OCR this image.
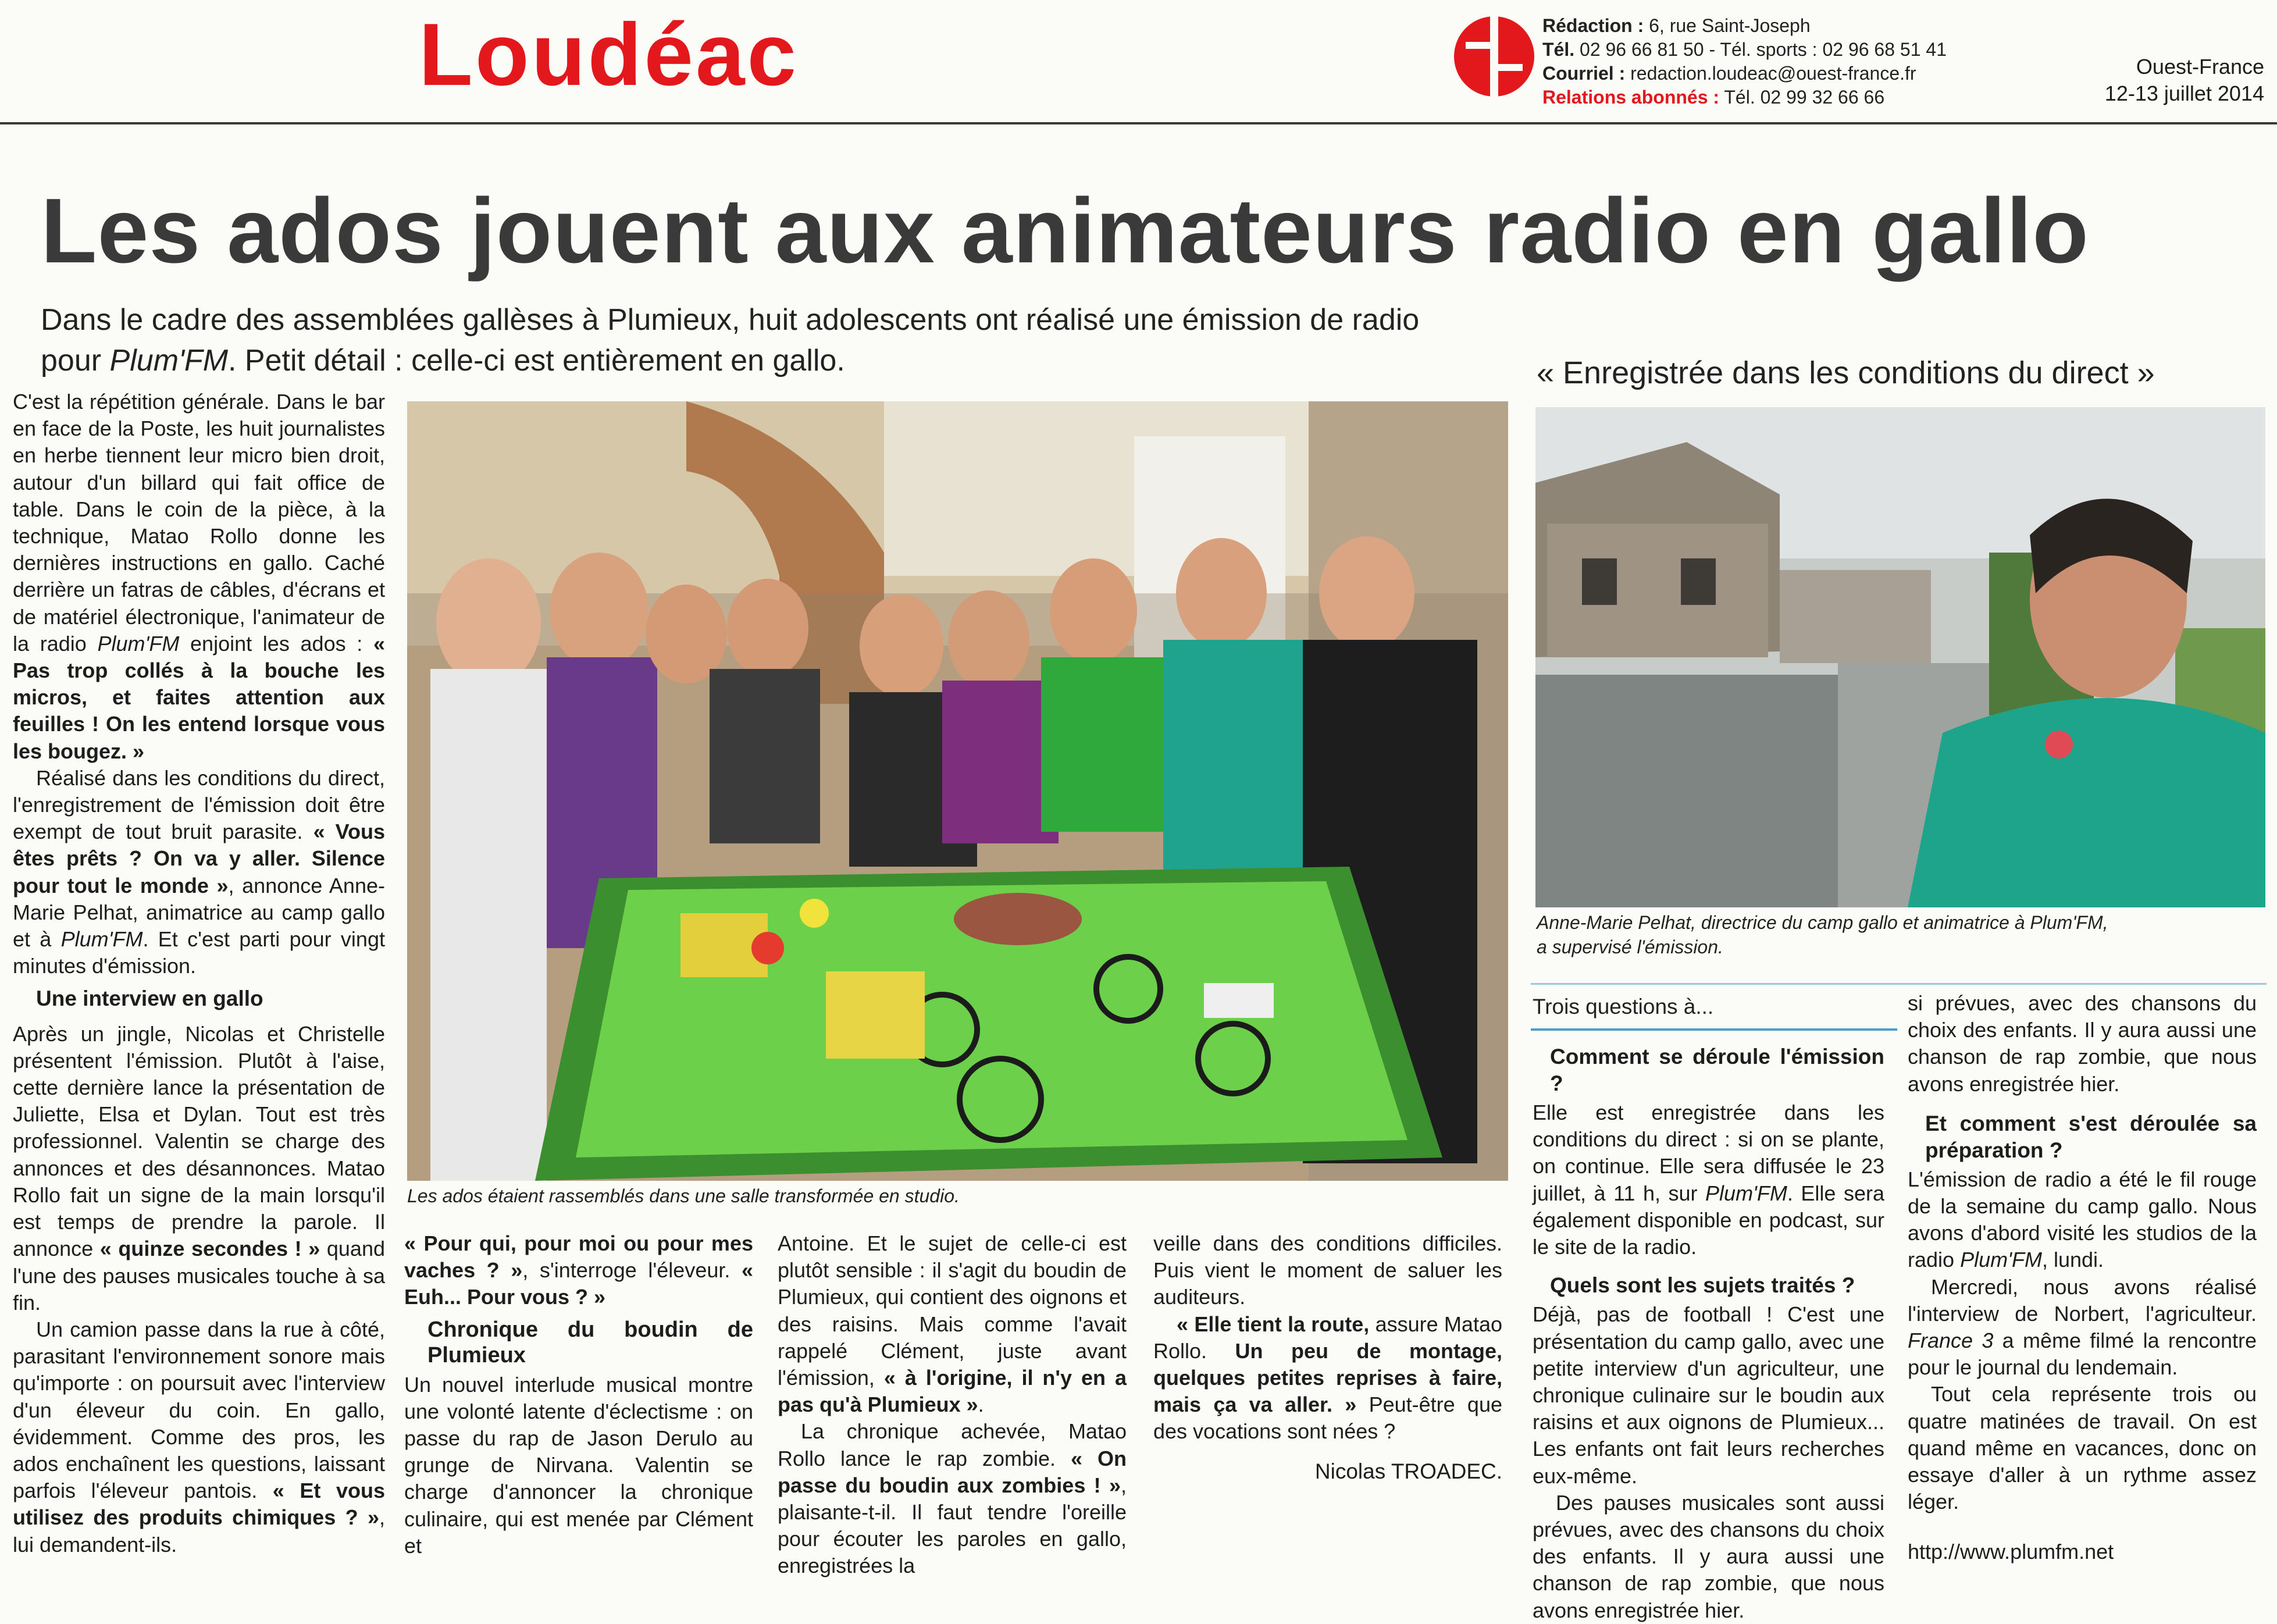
Loudéac	Rédaction : 6, rue Saint-Joseph
Tél. 02 96 66 81 50 - Tél. sports : 02 96 68 51 41
Courriel : redaction.loudeac@ouest-france.fr
Relations abonnés : Tél. 02 99 32 66 66
Ouest-France
12-13 juillet 2014
Les ados jouent aux animateurs radio en gallo
Dans le cadre des assemblées gallèses à Plumieux, huit adolescents ont réalisé une émission de radio pour Plum'FM. Petit détail : celle-ci est entièrement en gallo.

C'est la répétition générale. Dans le bar en face de la Poste, les huit journalistes en herbe tiennent leur micro bien droit, autour d'un billard qui fait office de table. Dans le coin de la pièce, à la technique, Matao Rollo donne les dernières instructions en gallo. Caché derrière un fatras de câbles, d'écrans et de matériel électronique, l'animateur de la radio Plum'FM enjoint les ados : « Pas trop collés à la bouche les micros, et faites attention aux feuilles ! On les entend lorsque vous les bougez. »

Réalisé dans les conditions du direct, l'enregistrement de l'émission doit être exempt de tout bruit parasite. « Vous êtes prêts ? On va y aller. Silence pour tout le monde », annonce Anne-Marie Pelhat, animatrice au camp gallo et à Plum'FM. Et c'est parti pour vingt minutes d'émission.

Une interview en gallo

Après un jingle, Nicolas et Christelle présentent l'émission. Plutôt à l'aise, cette dernière lance la présentation de Juliette, Elsa et Dylan. Tout est très professionnel. Valentin se charge des annonces et des désannonces. Matao Rollo fait un signe de la main lorsqu'il est temps de prendre la parole. Il annonce « quinze secondes ! » quand l'une des pauses musicales touche à sa fin.

Un camion passe dans la rue à côté, parasitant l'environnement sonore mais qu'importe : on poursuit avec l'interview d'un éleveur du coin. En gallo, évidemment. Comme des pros, les ados enchaînent les questions, laissant parfois l'éleveur pantois. « Et vous utilisez des produits chimiques ? », lui demandent-ils.

Les ados étaient rassemblés dans une salle transformée en studio.

« Pour qui, pour moi ou pour mes vaches ? », s'interroge l'éleveur. « Euh... Pour vous ? »

Chronique du boudin de Plumieux

Un nouvel interlude musical montre une volonté latente d'éclectisme : on passe du rap de Jason Derulo au grunge de Nirvana. Valentin se charge d'annoncer la chronique culinaire, qui est menée par Clément et

Antoine. Et le sujet de celle-ci est plutôt sensible : il s'agit du boudin de Plumieux, qui contient des oignons et des raisins. Mais comme l'avait rappelé Clément, juste avant l'émission, « à l'origine, il n'y en a pas qu'à Plumieux ».

La chronique achevée, Matao Rollo lance le rap zombie. « On passe du boudin aux zombies ! », plaisante-t-il. Il faut tendre l'oreille pour écouter les paroles en gallo, enregistrées la

veille dans des conditions difficiles. Puis vient le moment de saluer les auditeurs.

« Elle tient la route, assure Matao Rollo. Un peu de montage, quelques petites reprises à faire, mais ça va aller. » Peut-être que des vocations sont nées ?

Nicolas TROADEC.
« Enregistrée dans les conditions du direct »
Anne-Marie Pelhat, directrice du camp gallo et animatrice à Plum'FM,
a supervisé l'émission.
Trois questions à...
Comment se déroule l'émission ?

Elle est enregistrée dans les conditions du direct : si on se plante, on continue. Elle sera diffusée le 23 juillet, à 11 h, sur Plum'FM. Elle sera également disponible en podcast, sur le site de la radio.

Quels sont les sujets traités ?

Déjà, pas de football ! C'est une présentation du camp gallo, avec une petite interview d'un agriculteur, une chronique culinaire sur le boudin aux raisins et aux oignons de Plumieux... Les enfants ont fait leurs recherches eux-même.

Des pauses musicales sont aussi prévues, avec des chansons du choix des enfants. Il y aura aussi une chanson de rap zombie, que nous avons enregistrée hier.

si prévues, avec des chansons du choix des enfants. Il y aura aussi une chanson de rap zombie, que nous avons enregistrée hier.

Et comment s'est déroulée sa préparation ?

L'émission de radio a été le fil rouge de la semaine du camp gallo. Nous avons d'abord visité les studios de la radio Plum'FM, lundi.

Mercredi, nous avons réalisé l'interview de Norbert, l'agriculteur. France 3 a même filmé la rencontre pour le journal du lendemain.

Tout cela représente trois ou quatre matinées de travail. On est quand même en vacances, donc on essaye d'aller à un rythme assez léger.

http://www.plumfm.net
